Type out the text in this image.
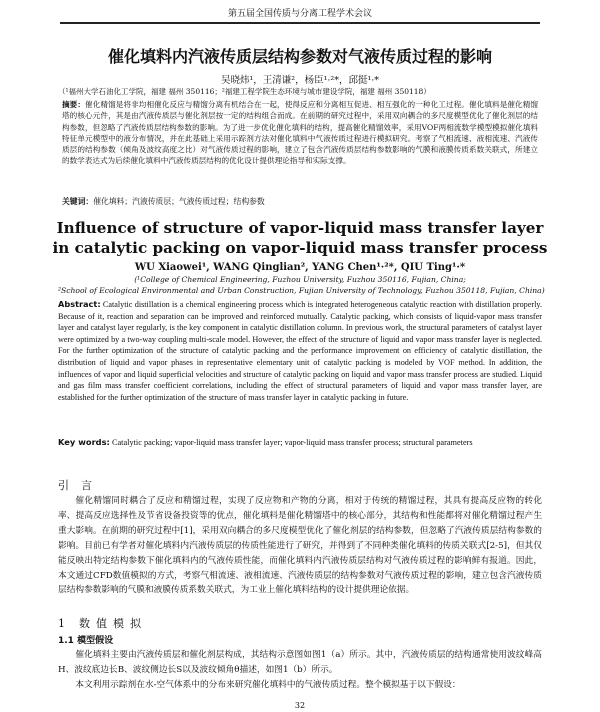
第五届全国传质与分离工程学术会议
催化填料内汽液传质层结构参数对气液传质过程的影响
吴晓炜¹，王清谦²，杨臣¹·²*，邱挺¹·*
（¹福州大学石油化工学院，福建 福州 350116；²福建工程学院生态环境与城市建设学院，福建 福州 350118）
摘要：催化精馏是将非均相催化反应与精馏分离有机结合在一起，使得反应和分离相互促进、相互强化的一种化工过程。催化填料是催化精馏塔的核心元件，其是由汽液传质层与催化剂层按一定的结构组合而成。在前期的研究过程中，采用双向耦合的多尺度模型优化了催化剂层的结构参数，但忽略了汽液传质层结构参数的影响。为了进一步优化催化填料的结构，提高催化精馏效率，采用VOF两相流数学模型模拟催化填料特征单元模型中的液分布情况，并在此基础上采用示踪剂方法对催化填料中气液传质过程进行模拟研究。考察了气相流速、液相流速、汽液传质层的结构参数（倾角及波纹高度之比）对气液传质过程的影响，建立了包含汽液传质层结构参数影响的气膜和液膜传质系数关联式，所建立的数学表达式为后续催化填料中汽液传质层结构的优化设计提供理论指导和实际支撑。
关键词：催化填料；汽液传质层；气液传质过程；结构参数
Influence of structure of vapor-liquid mass transfer layer in catalytic packing on vapor-liquid mass transfer process
WU Xiaowei¹, WANG Qinglian², YANG Chen¹·²*, QIU Ting¹·*
(¹College of Chemical Engineering, Fuzhou University, Fuzhou 350116, Fujian, China;
²School of Ecological Environmental and Urban Construction, Fujian University of Technology, Fuzhou 350118, Fujian, China)
Abstract: Catalytic distillation is a chemical engineering process which is integrated heterogeneous catalytic reaction with distillation properly. Because of it, reaction and separation can be improved and reinforced mutually. Catalytic packing, which consists of liquid-vapor mass transfer layer and catalyst layer regularly, is the key component in catalytic distillation column. In previous work, the structural parameters of catalyst layer were optimized by a two-way coupling multi-scale model. However, the effect of the structure of liquid and vapor mass transfer layer is neglected. For the further optimization of the structure of catalytic packing and the performance improvement on efficiency of catalytic distillation, the distribution of liquid and vapor phases in representative elementary unit of catalytic packing is modeled by VOF method. In addition, the influences of vapor and liquid superficial velocities and structure of catalytic packing on liquid and vapor mass transfer process are studied. Liquid and gas film mass transfer coefficient correlations, including the effect of structural parameters of liquid and vapor mass transfer layer, are established for the further optimization of the structure of mass transfer layer in catalytic packing in future.
Key words: Catalytic packing; vapor-liquid mass transfer layer; vapor-liquid mass transfer process; structural parameters
引言

催化精馏同时耦合了反应和精馏过程，实现了反应物和产物的分离，相对于传统的精馏过程，其具有提高反应物的转化率、提高反应选择性及节省设备投资等的优点，催化填料是催化精馏塔中的核心部分，其结构和性能都将对催化精馏过程产生重大影响。在前期的研究过程中[1]，采用双向耦合的多尺度模型优化了催化剂层的结构参数，但忽略了汽液传质层结构参数的影响。目前已有学者对催化填料内汽液传质层的传质性能进行了研究，并得到了不同种类催化填料的传质关联式[2-5]，但其仅能反映出特定结构参数下催化填料内的气液传质性能，而催化填料内汽液传质层结构对气液传质过程的影响鲜有报道。因此，本文通过CFD数值模拟的方式，考察气相流速、液相流速、汽液传质层的结构参数对气液传质过程的影响，建立包含汽液传质层结构参数影响的气膜和液膜传质系数关联式，为工业上催化填料结构的设计提供理论依据。

1 数值模拟
1.1 模型假设

催化填料主要由汽液传质层和催化剂层构成，其结构示意图如图1（a）所示。其中，汽液传质层的结构通常使用波纹峰高H、波纹底边长B、波纹侧边长S以及波纹倾角θ描述，如图1（b）所示。

本文利用示踪剂在水-空气体系中的分布来研究催化填料中的气液传质过程。整个模拟基于以下假设：

32
